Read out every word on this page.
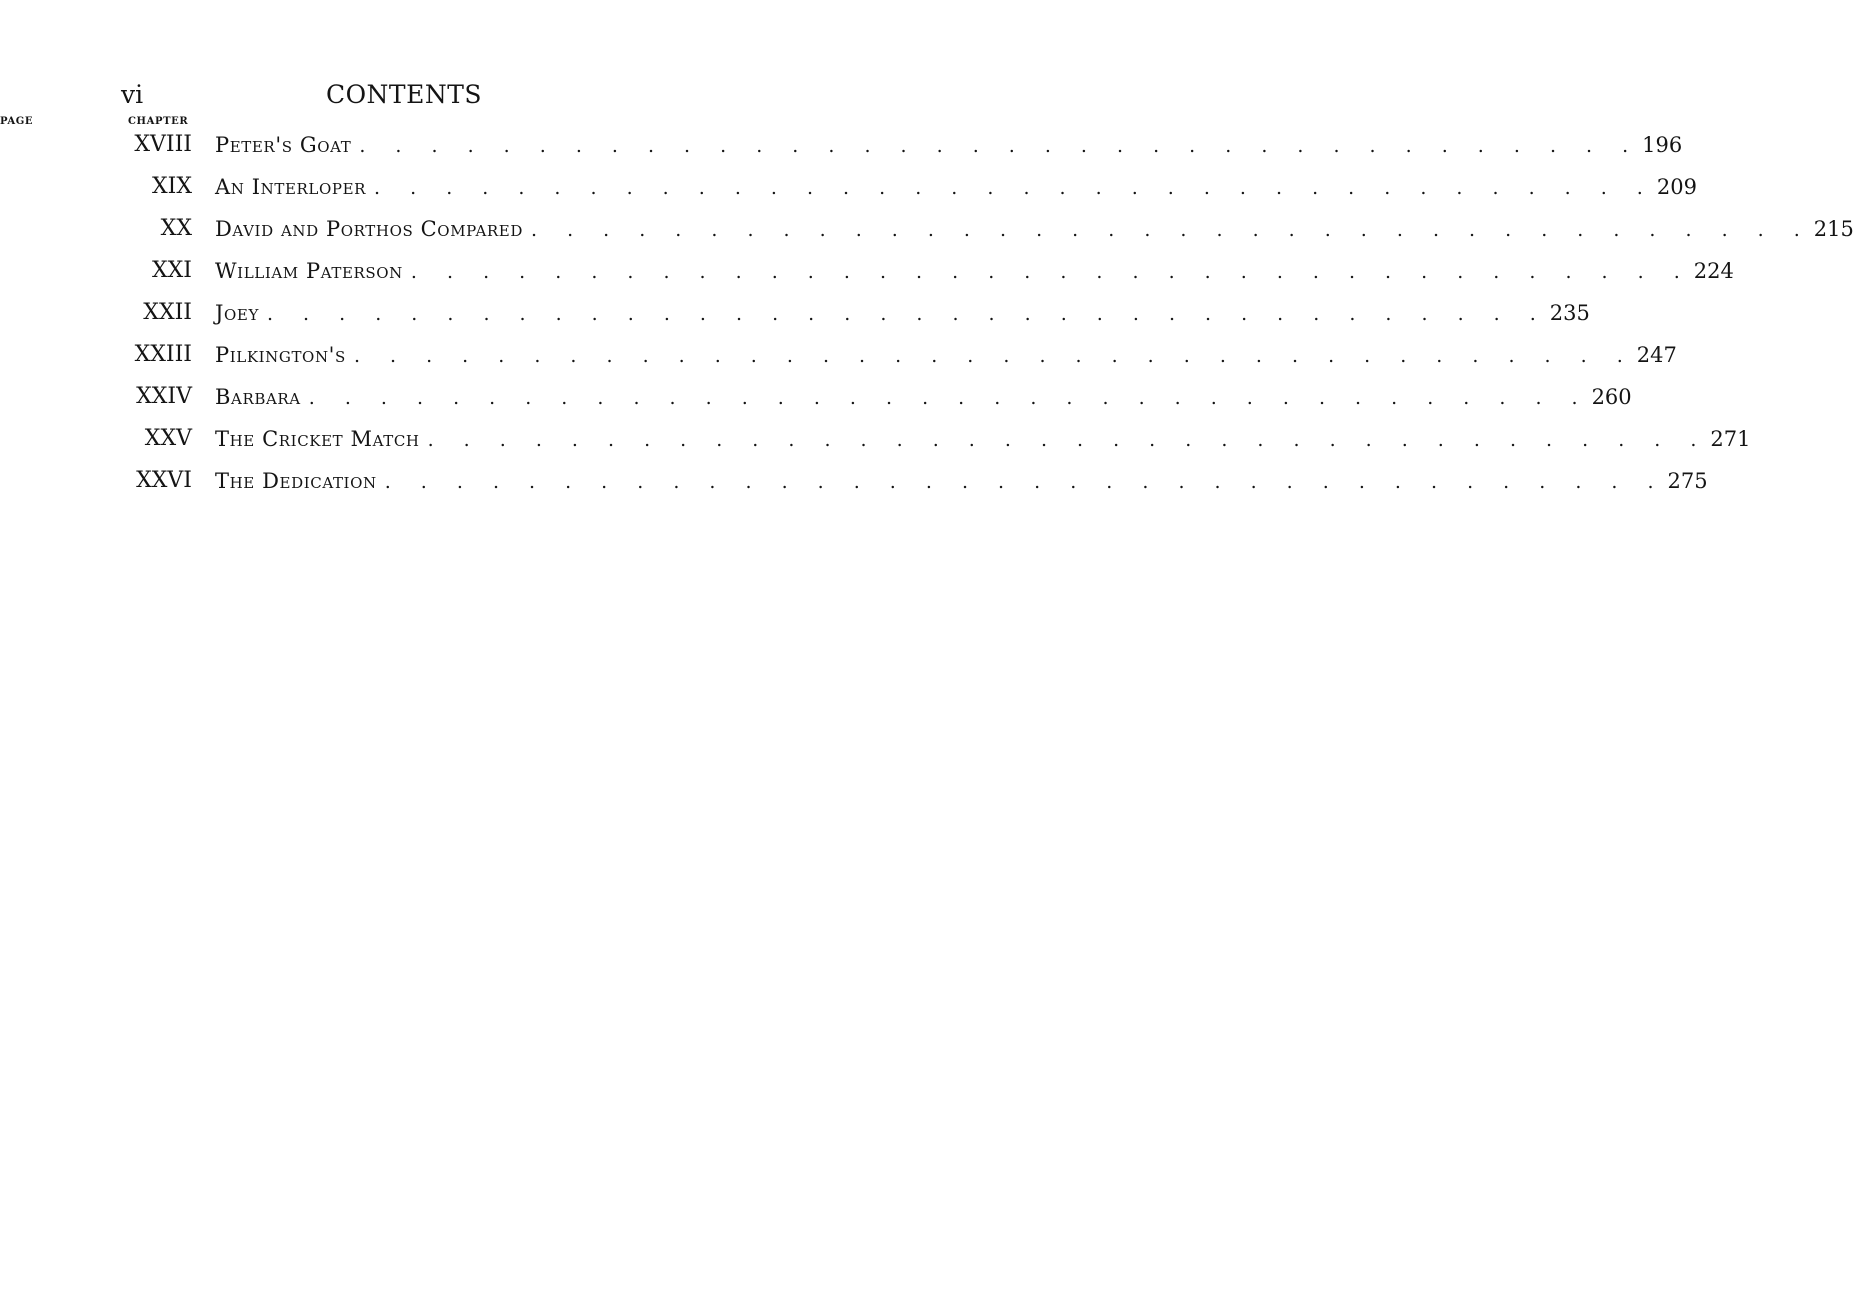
vi	CONTENTS
CHAPTER
PAGE
XVIII Peter's Goat . . . . . . . . . . . . . . . . . . . . . . . . . . . . . . . . . . . . 196
XIX An Interloper . . . . . . . . . . . . . . . . . . . . . . . . . . . . . . . . . . . . 209
XX David and Porthos Compared . . . . . . . . . . . . . . . . . . . . . . . . . . . . . . . . . . . . 215
XXI William Paterson . . . . . . . . . . . . . . . . . . . . . . . . . . . . . . . . . . . . 224
XXII Joey . . . . . . . . . . . . . . . . . . . . . . . . . . . . . . . . . . . . 235
XXIII Pilkington's . . . . . . . . . . . . . . . . . . . . . . . . . . . . . . . . . . . . 247
XXIV Barbara . . . . . . . . . . . . . . . . . . . . . . . . . . . . . . . . . . . . 260
XXV The Cricket Match . . . . . . . . . . . . . . . . . . . . . . . . . . . . . . . . . . . . 271
XXVI The Dedication . . . . . . . . . . . . . . . . . . . . . . . . . . . . . . . . . . . . 275
